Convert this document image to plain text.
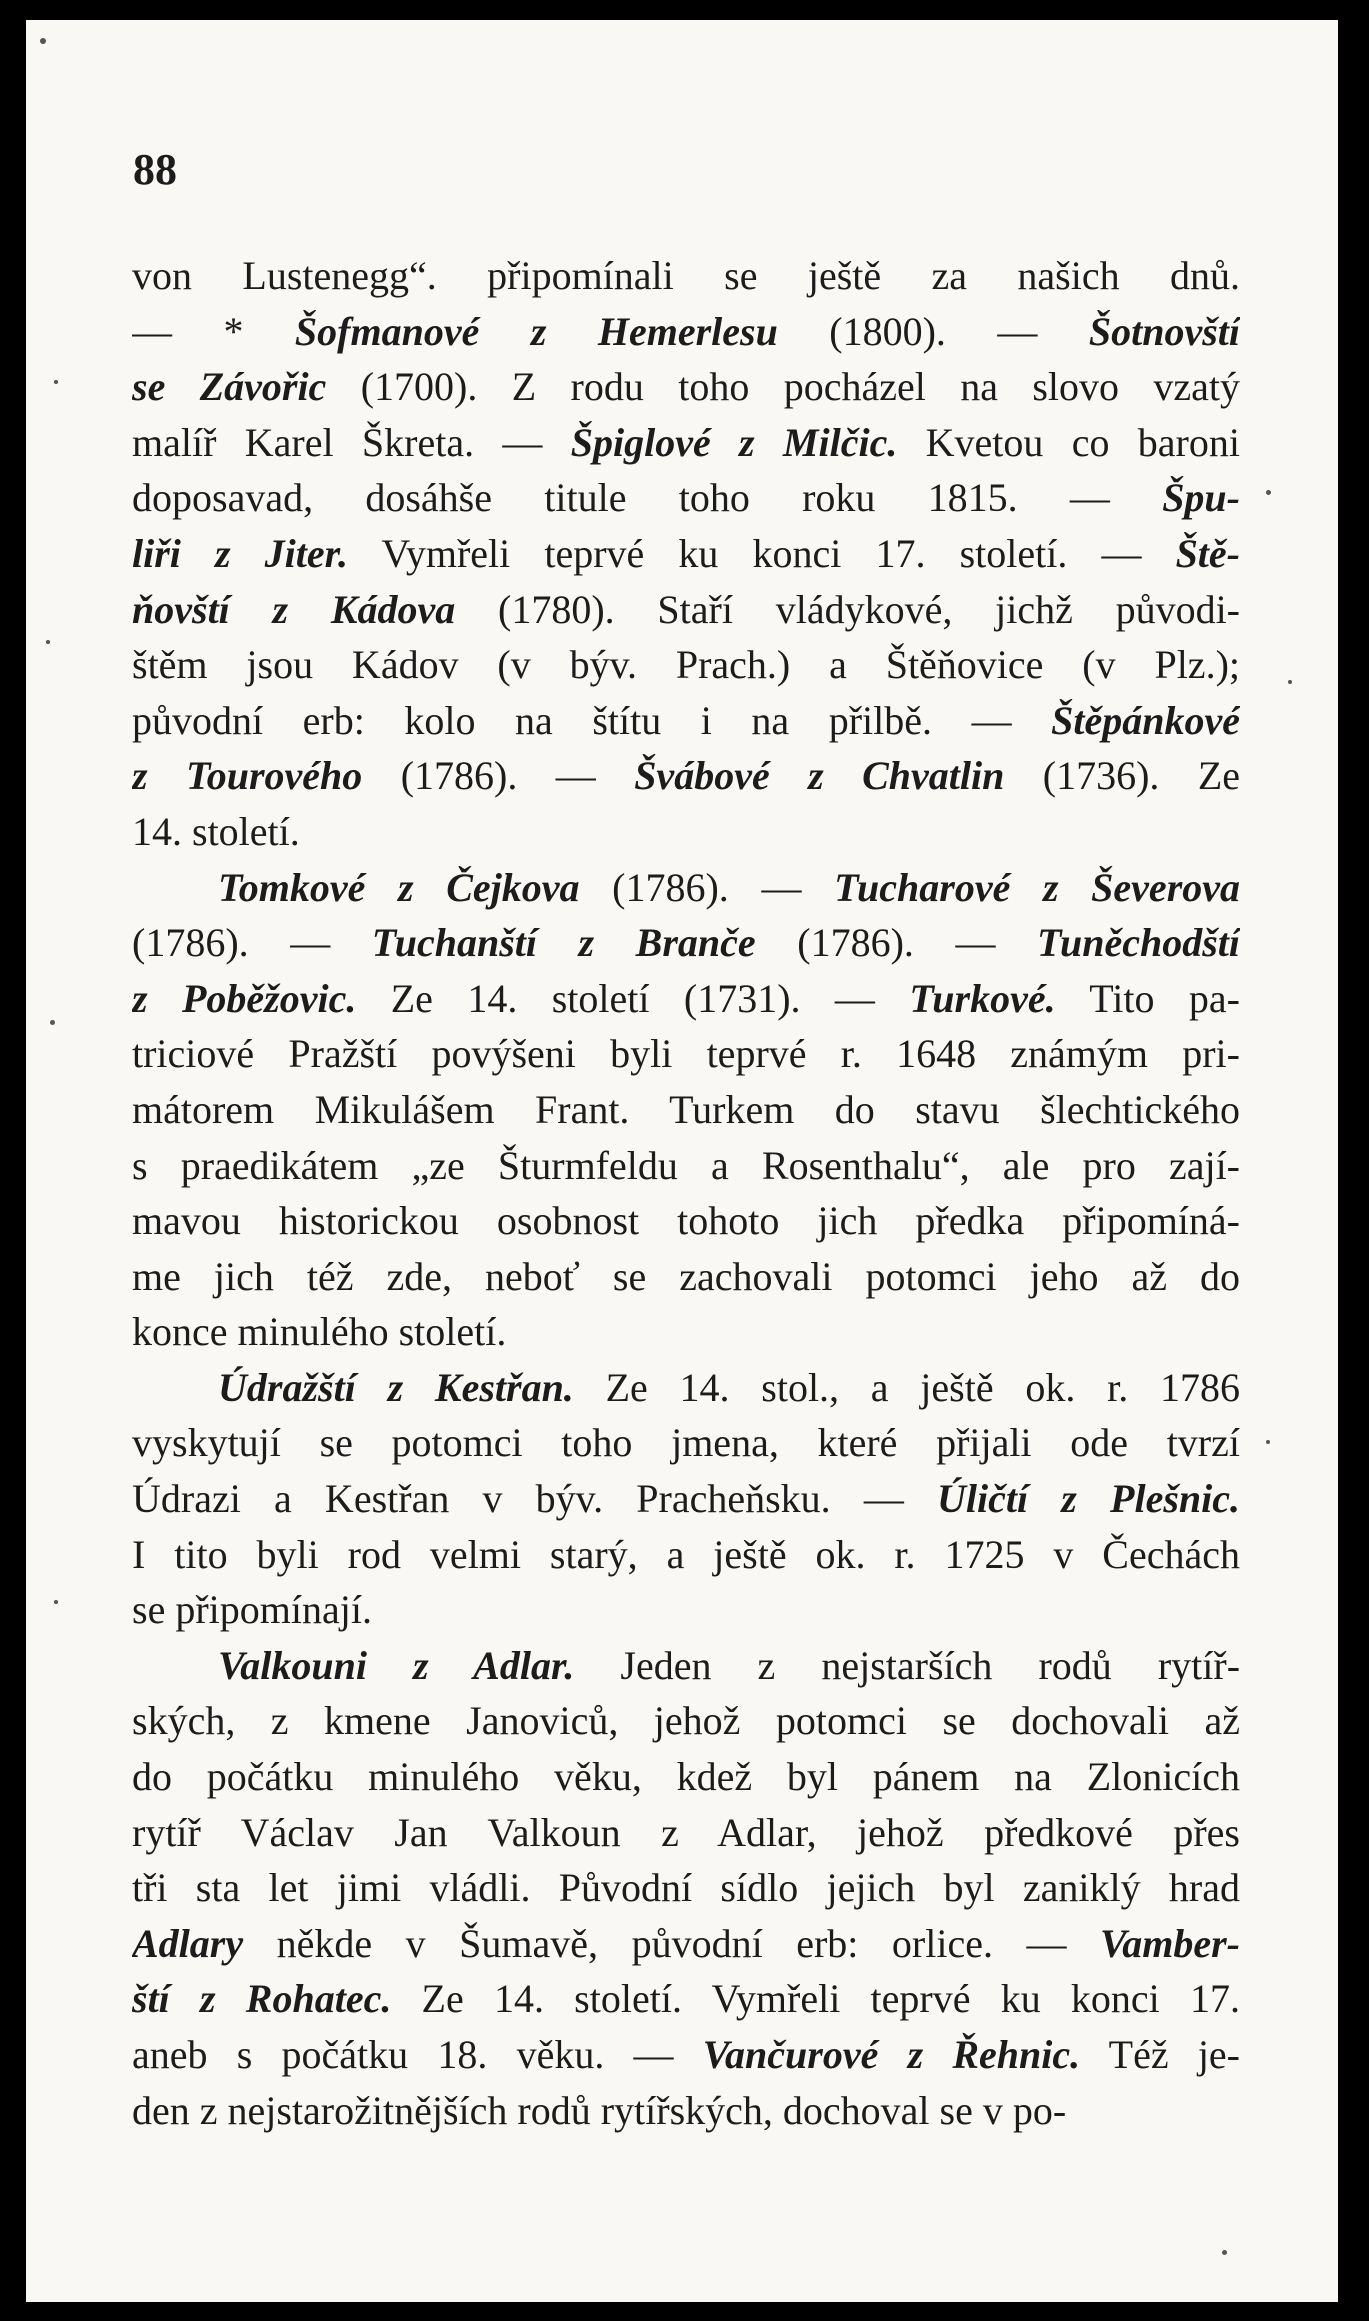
88
von Lustenegg“. připomínali se ještě za našich dnů.
— * Šofmanové z Hemerlesu (1800). — Šotnovští
se Závořic (1700). Z rodu toho pocházel na slovo vzatý
malíř Karel Škreta. — Špiglové z Milčic. Kvetou co baroni
doposavad, dosáhše titule toho roku 1815. — Špu-
liři z Jiter. Vymřeli teprvé ku konci 17. století. — Ště-
ňovští z Kádova (1780). Staří vládykové, jichž původi-
štěm jsou Kádov (v býv. Prach.) a Štěňovice (v Plz.);
původní erb: kolo na štítu i na přilbě. — Štěpánkové
z Tourového (1786). — Švábové z Chvatlin (1736). Ze
14. století.
Tomkové z Čejkova (1786). — Tucharové z Ševerova
(1786). — Tuchanští z Branče (1786). — Tuněchodští
z Poběžovic. Ze 14. století (1731). — Turkové. Tito pa-
triciové Pražští povýšeni byli teprvé r. 1648 známým pri-
mátorem Mikulášem Frant. Turkem do stavu šlechtického
s praedikátem „ze Šturmfeldu a Rosenthalu“, ale pro zají-
mavou historickou osobnost tohoto jich předka připomíná-
me jich též zde, neboť se zachovali potomci jeho až do
konce minulého století.
Údražští z Kestřan. Ze 14. stol., a ještě ok. r. 1786
vyskytují se potomci toho jmena, které přijali ode tvrzí
Údrazi a Kestřan v býv. Pracheňsku. — Úličtí z Plešnic.
I tito byli rod velmi starý, a ještě ok. r. 1725 v Čechách
se připomínají.
Valkouni z Adlar. Jeden z nejstarších rodů rytíř-
ských, z kmene Janoviců, jehož potomci se dochovali až
do počátku minulého věku, kdež byl pánem na Zlonicích
rytíř Václav Jan Valkoun z Adlar, jehož předkové přes
tři sta let jimi vládli. Původní sídlo jejich byl zaniklý hrad
Adlary někde v Šumavě, původní erb: orlice. — Vamber-
ští z Rohatec. Ze 14. století. Vymřeli teprvé ku konci 17.
aneb s počátku 18. věku. — Vančurové z Řehnic. Též je-
den z nejstarožitnějších rodů rytířských, dochoval se v po-
